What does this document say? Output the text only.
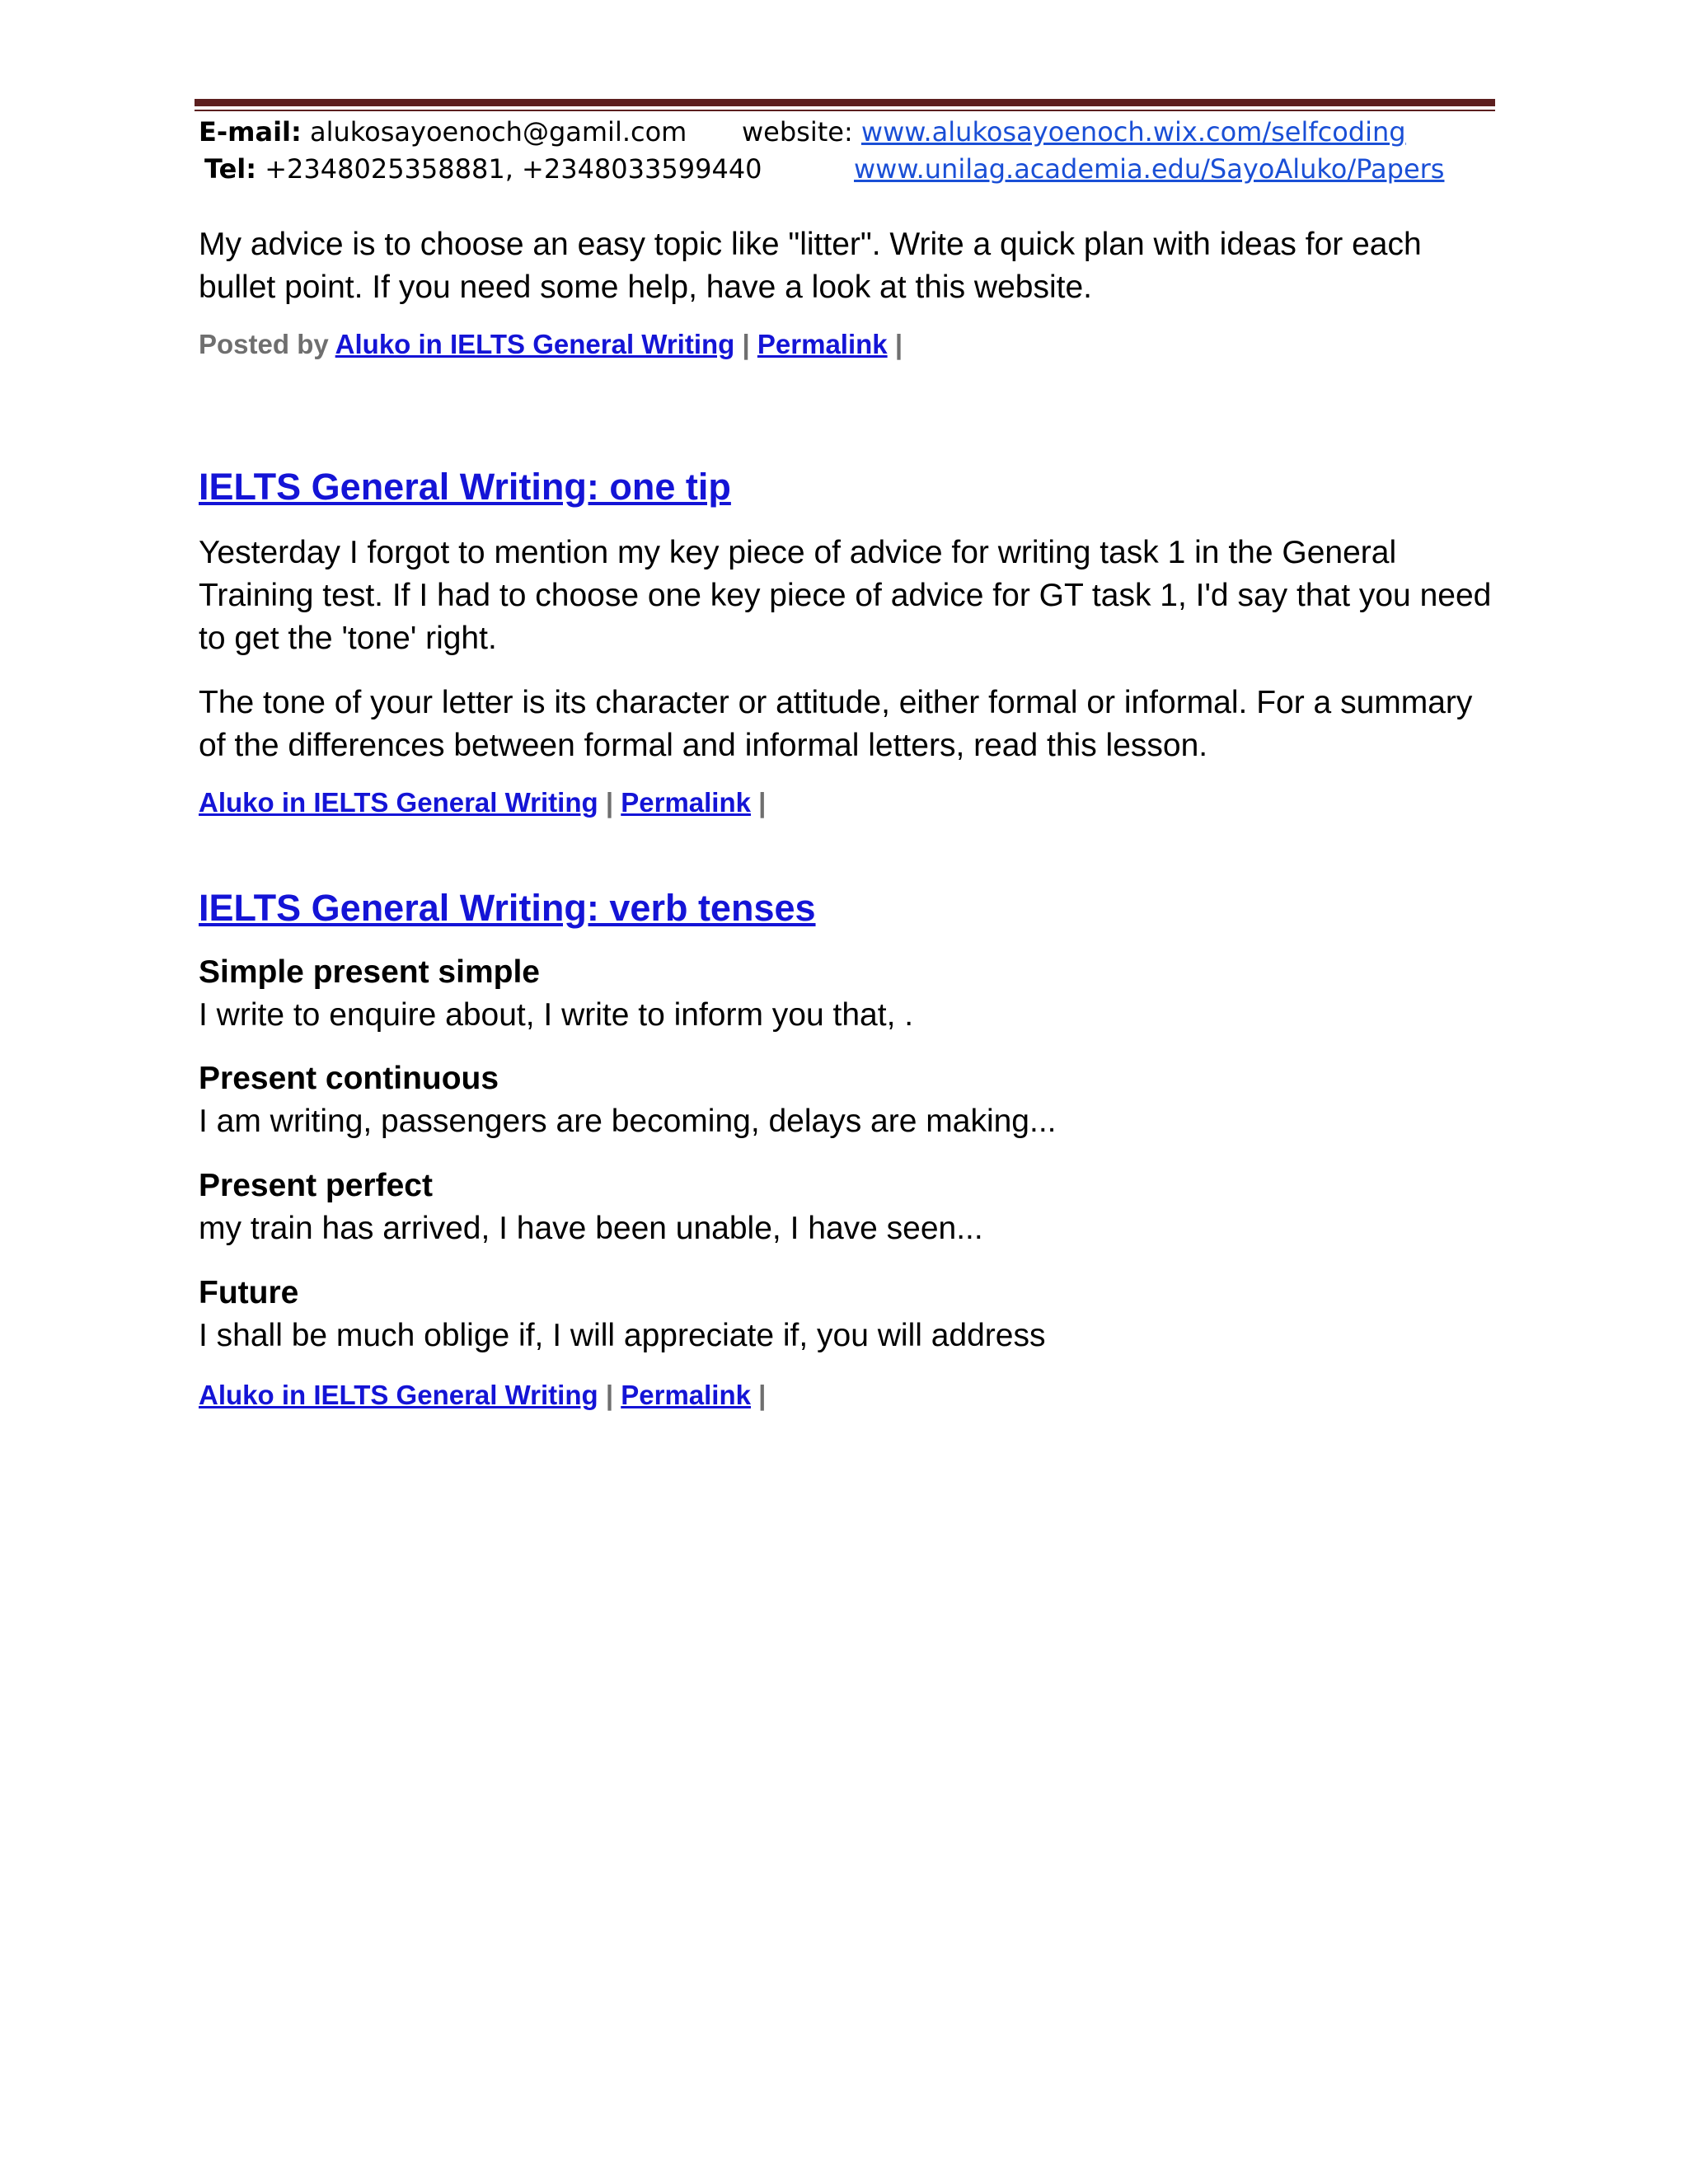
E-mail: alukosayoenoch@gamil.com website: www.alukosayoenoch.wix.com/selfcoding
Tel: +2348025358881, +2348033599440	www.unilag.academia.edu/SayoAluko/Papers
My advice is to choose an easy topic like "litter". Write a quick plan with ideas for each bullet point. If you need some help, have a look at this website.
Posted by Aluko in IELTS General Writing | Permalink |
IELTS General Writing: one tip
Yesterday I forgot to mention my key piece of advice for writing task 1 in the General Training test. If I had to choose one key piece of advice for GT task 1, I'd say that you need to get the 'tone' right.
The tone of your letter is its character or attitude, either formal or informal. For a summary of the differences between formal and informal letters, read this lesson.
Aluko in IELTS General Writing | Permalink |
IELTS General Writing: verb tenses
Simple present simple
I write to enquire about, I write to inform you that, .
Present continuous
I am writing, passengers are becoming, delays are making...
Present perfect
my train has arrived, I have been unable, I have seen...
Future
I shall be much oblige if, I will appreciate if, you will address
Aluko in IELTS General Writing | Permalink |
